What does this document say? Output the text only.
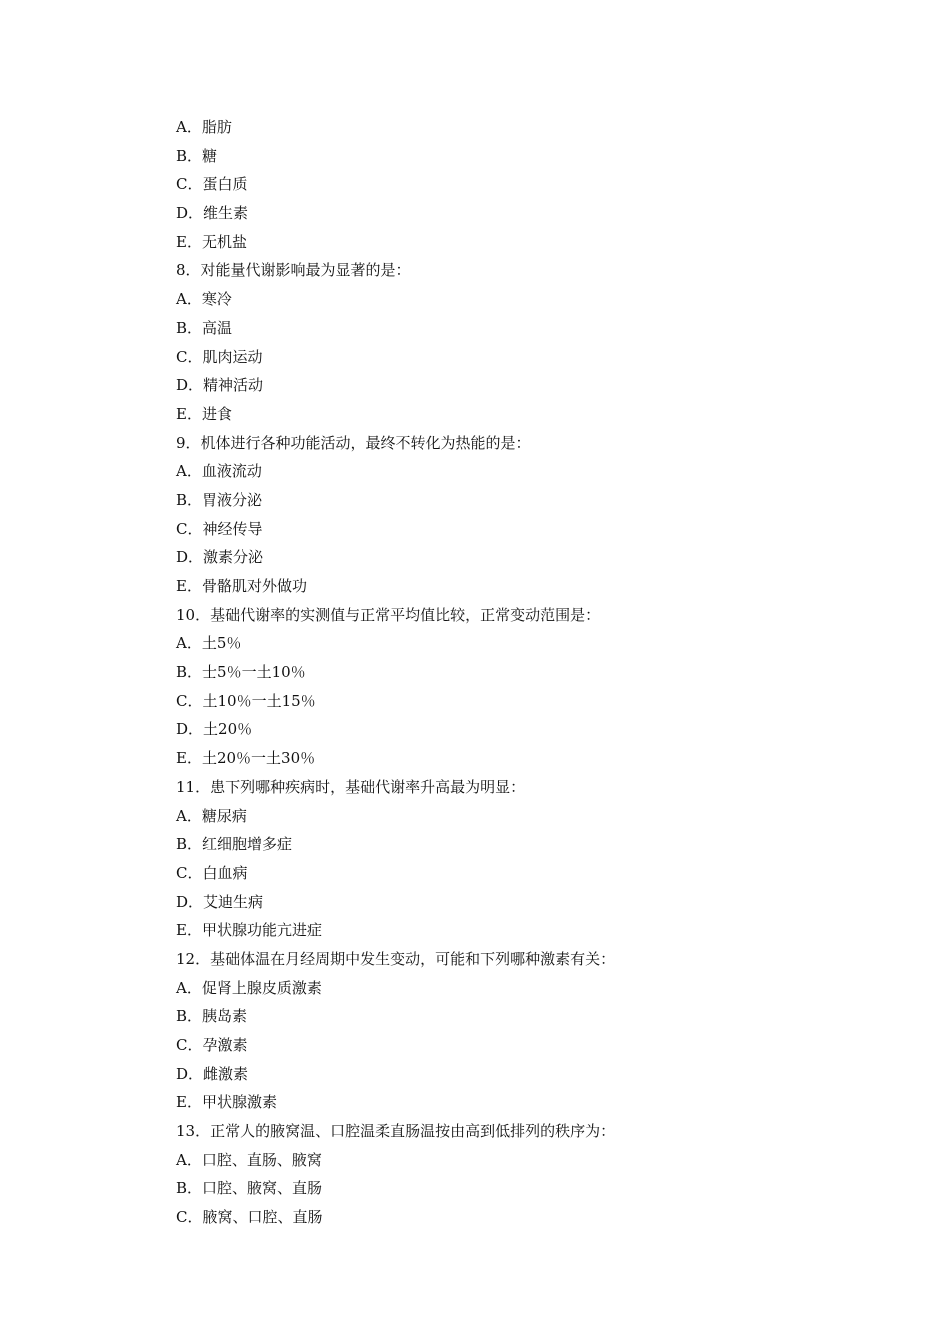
A．脂肪
B．糖
C．蛋白质
D．维生素
E．无机盐
8．对能量代谢影响最为显著的是：
A．寒冷
B．高温
C．肌肉运动
D．精神活动
E．进食
9．机体进行各种功能活动，最终不转化为热能的是：
A．血液流动
B．胃液分泌
C．神经传导
D．激素分泌
E．骨骼肌对外做功
10．基础代谢率的实测值与正常平均值比较，正常变动范围是：
A．土5％
B．士5％一土10％
C．土10％一土15％
D．土20％
E．土20％一土30％
11．患下列哪种疾病时，基础代谢率升高最为明显：
A．糖尿病
B．红细胞增多症
C．白血病
D．艾迪生病
E．甲状腺功能亢进症
12．基础体温在月经周期中发生变动，可能和下列哪种激素有关：
A．促肾上腺皮质激素
B．胰岛素
C．孕激素
D．雌激素
E．甲状腺激素
13．正常人的腋窝温、口腔温柔直肠温按由高到低排列的秩序为：
A．口腔、直肠、腋窝
B．口腔、腋窝、直肠
C．腋窝、口腔、直肠
